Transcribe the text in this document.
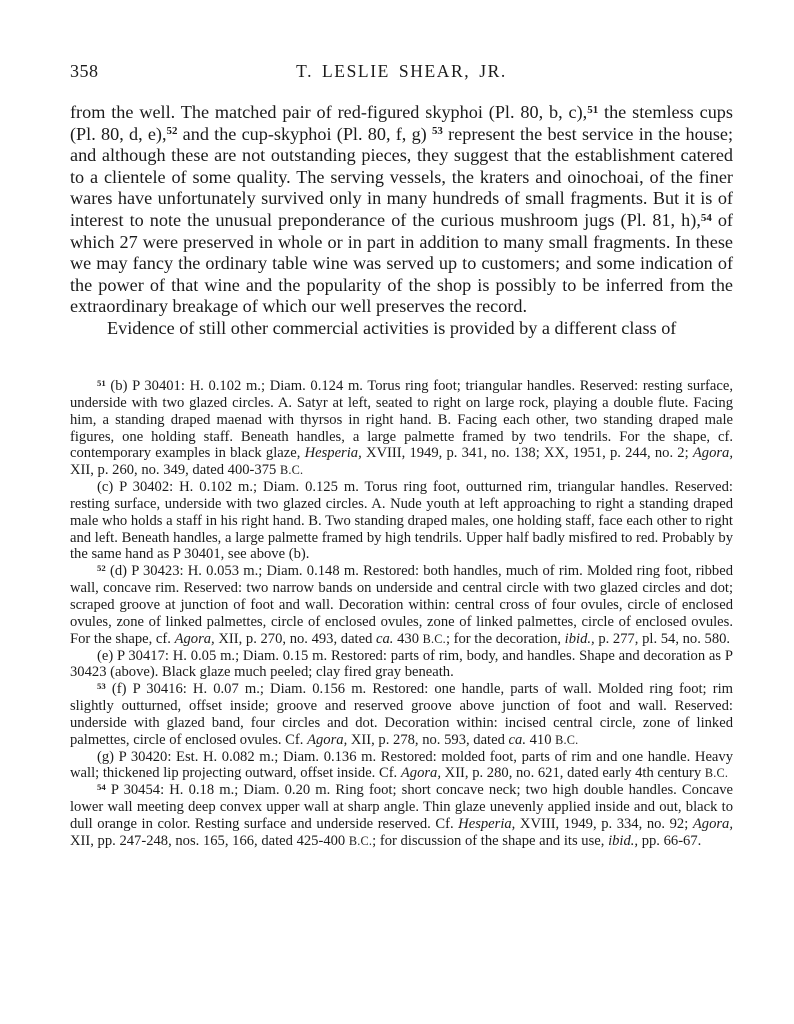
358	T. LESLIE SHEAR, JR.

from the well. The matched pair of red-figured skyphoi (Pl. 80, b, c),$^{51}$ the stemless cups (Pl. 80, d, e),$^{52}$ and the cup-skyphoi (Pl. 80, f, g) $^{53}$ represent the best service in the house; and although these are not outstanding pieces, they suggest that the establishment catered to a clientele of some quality. The serving vessels, the kraters and oinochoai, of the finer wares have unfortunately survived only in many hundreds of small fragments. But it is of interest to note the unusual preponderance of the curious mushroom jugs (Pl. 81, h),$^{54}$ of which 27 were preserved in whole or in part in addition to many small fragments. In these we may fancy the ordinary table wine was served up to customers; and some indication of the power of that wine and the popularity of the shop is possibly to be inferred from the extraordinary breakage of which our well preserves the record.

Evidence of still other commercial activities is provided by a different class of

$^{51}$ (b) P 30401: H. 0.102 m.; Diam. 0.124 m. Torus ring foot; triangular handles. Reserved: resting surface, underside with two glazed circles. A. Satyr at left, seated to right on large rock, playing a double flute. Facing him, a standing draped maenad with thyrsos in right hand. B. Facing each other, two standing draped male figures, one holding staff. Beneath handles, a large palmette framed by two tendrils. For the shape, cf. contemporary examples in black glaze, Hesperia, XVIII, 1949, p. 341, no. 138; XX, 1951, p. 244, no. 2; Agora, XII, p. 260, no. 349, dated 400-375 B.C.

(c) P 30402: H. 0.102 m.; Diam. 0.125 m. Torus ring foot, outturned rim, triangular handles. Reserved: resting surface, underside with two glazed circles. A. Nude youth at left approaching to right a standing draped male who holds a staff in his right hand. B. Two standing draped males, one holding staff, face each other to right and left. Beneath handles, a large palmette framed by high tendrils. Upper half badly misfired to red. Probably by the same hand as P 30401, see above (b).

$^{52}$ (d) P 30423: H. 0.053 m.; Diam. 0.148 m. Restored: both handles, much of rim. Molded ring foot, ribbed wall, concave rim. Reserved: two narrow bands on underside and central circle with two glazed circles and dot; scraped groove at junction of foot and wall. Decoration within: central cross of four ovules, circle of enclosed ovules, zone of linked palmettes, circle of enclosed ovules, zone of linked palmettes, circle of enclosed ovules. For the shape, cf. Agora, XII, p. 270, no. 493, dated ca. 430 B.C.; for the decoration, ibid., p. 277, pl. 54, no. 580.

(e) P 30417: H. 0.05 m.; Diam. 0.15 m. Restored: parts of rim, body, and handles. Shape and decoration as P 30423 (above). Black glaze much peeled; clay fired gray beneath.

$^{53}$ (f) P 30416: H. 0.07 m.; Diam. 0.156 m. Restored: one handle, parts of wall. Molded ring foot; rim slightly outturned, offset inside; groove and reserved groove above junction of foot and wall. Reserved: underside with glazed band, four circles and dot. Decoration within: incised central circle, zone of linked palmettes, circle of enclosed ovules. Cf. Agora, XII, p. 278, no. 593, dated ca. 410 B.C.

(g) P 30420: Est. H. 0.082 m.; Diam. 0.136 m. Restored: molded foot, parts of rim and one handle. Heavy wall; thickened lip projecting outward, offset inside. Cf. Agora, XII, p. 280, no. 621, dated early 4th century B.C.

$^{54}$ P 30454: H. 0.18 m.; Diam. 0.20 m. Ring foot; short concave neck; two high double handles. Concave lower wall meeting deep convex upper wall at sharp angle. Thin glaze unevenly applied inside and out, black to dull orange in color. Resting surface and underside reserved. Cf. Hesperia, XVIII, 1949, p. 334, no. 92; Agora, XII, pp. 247-248, nos. 165, 166, dated 425-400 B.C.; for discussion of the shape and its use, ibid., pp. 66-67.
